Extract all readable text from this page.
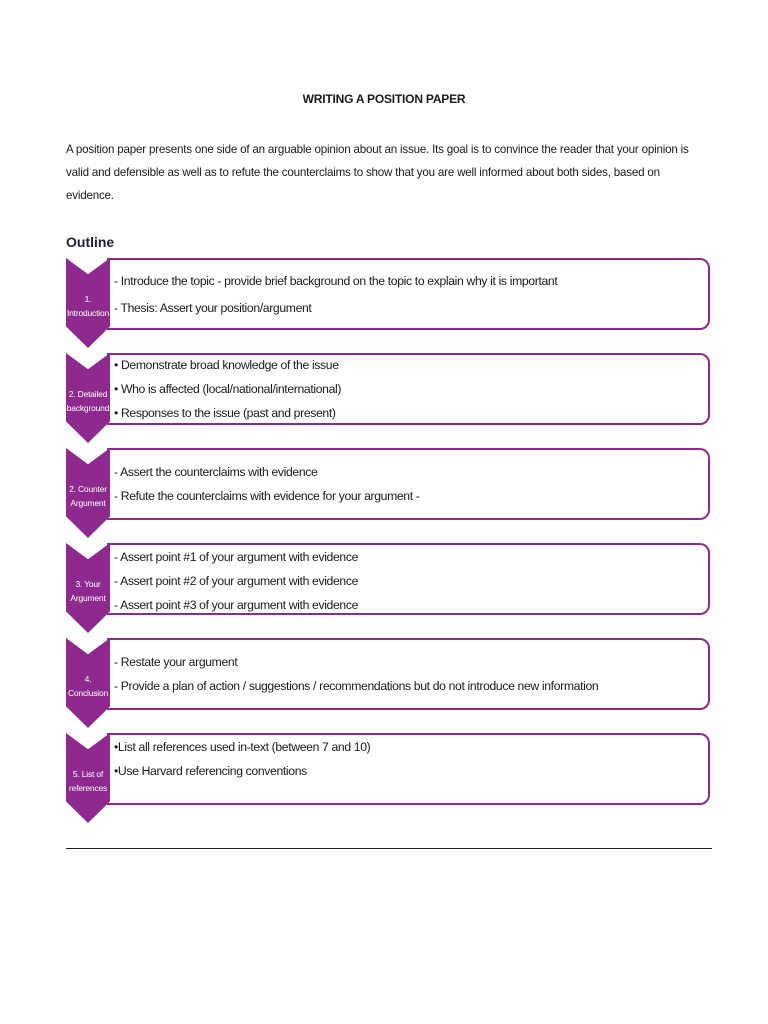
WRITING A POSITION PAPER
A position paper presents one side of an arguable opinion about an issue. Its goal is to convince the reader that your opinion is valid and defensible as well as to refute the counterclaims to show that you are well informed about both sides, based on evidence.
Outline
- Introduce the topic - provide brief background on the topic to explain why it is important
- Thesis: Assert your position/argument
1.
Introduction
• Demonstrate broad knowledge of the issue
• Who is affected (local/national/international)
• Responses to the issue (past and present)
2. Detailed
background
- Assert the counterclaims with evidence
- Refute the counterclaims with evidence for your argument -
2. Counter
Argument
- Assert point #1 of your argument with evidence
- Assert point #2 of your argument with evidence
- Assert point #3 of your argument with evidence
3. Your
Argument
- Restate your argument
- Provide a plan of action / suggestions / recommendations but do not introduce new information
4.
Conclusion
•List all references used in-text (between 7 and 10)
•Use Harvard referencing conventions
5. List of
references
